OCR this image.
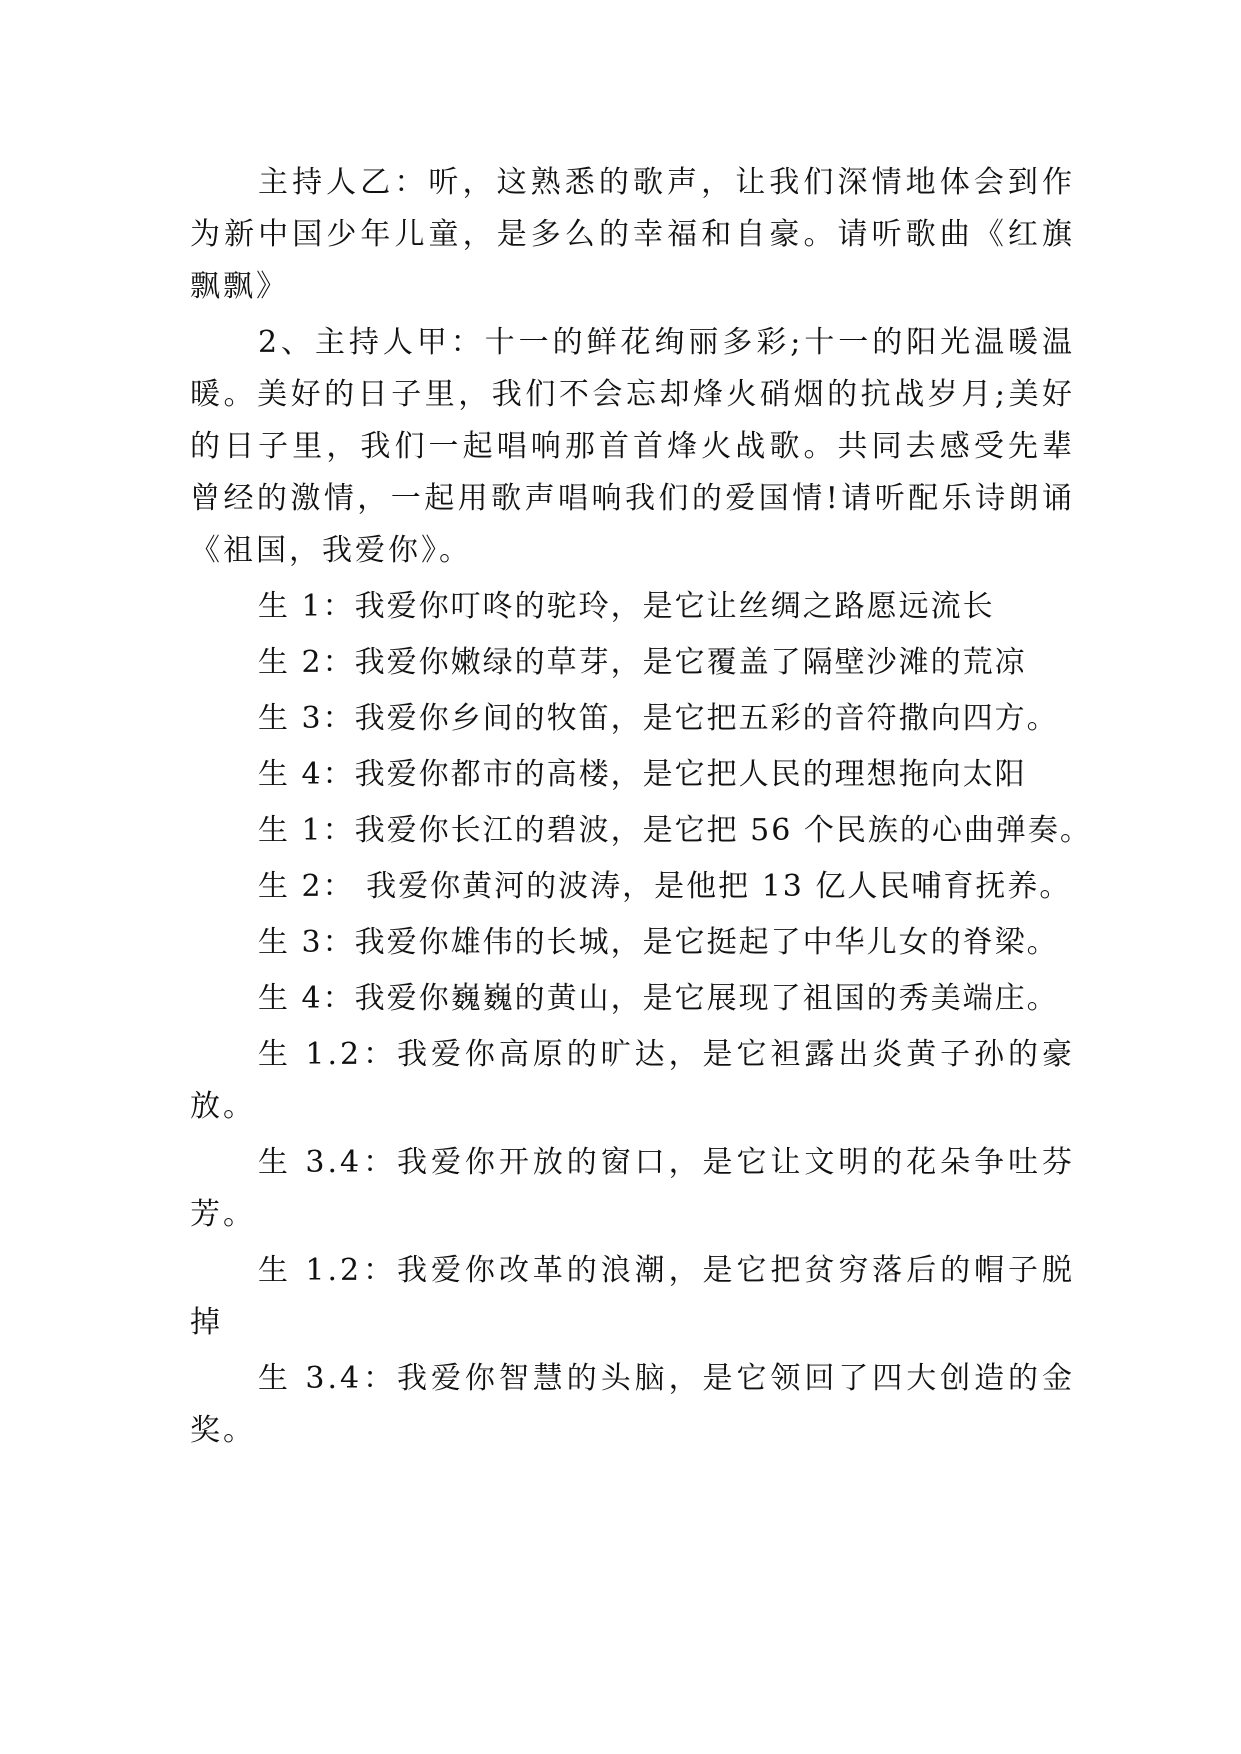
主持人乙：听，这熟悉的歌声，让我们深情地体会到作为新中国少年儿童，是多么的幸福和自豪。请听歌曲《红旗飘飘》

2、主持人甲：十一的鲜花绚丽多彩;十一的阳光温暖温暖。美好的日子里，我们不会忘却烽火硝烟的抗战岁月;美好的日子里，我们一起唱响那首首烽火战歌。共同去感受先辈曾经的激情，一起用歌声唱响我们的爱国情!请听配乐诗朗诵《祖国，我爱你》。

生 1：我爱你叮咚的驼玲，是它让丝绸之路愿远流长

生 2：我爱你嫩绿的草芽，是它覆盖了隔壁沙滩的荒凉

生 3：我爱你乡间的牧笛，是它把五彩的音符撒向四方。

生 4：我爱你都市的高楼，是它把人民的理想拖向太阳

生 1：我爱你长江的碧波，是它把 56 个民族的心曲弹奏。

生 2： 我爱你黄河的波涛，是他把 13 亿人民哺育抚养。

生 3：我爱你雄伟的长城，是它挺起了中华儿女的脊梁。

生 4：我爱你巍巍的黄山，是它展现了祖国的秀美端庄。

生 1.2：我爱你高原的旷达，是它袒露出炎黄子孙的豪放。

生 3.4：我爱你开放的窗口，是它让文明的花朵争吐芬芳。

生 1.2：我爱你改革的浪潮，是它把贫穷落后的帽子脱掉

生 3.4：我爱你智慧的头脑，是它领回了四大创造的金奖。
